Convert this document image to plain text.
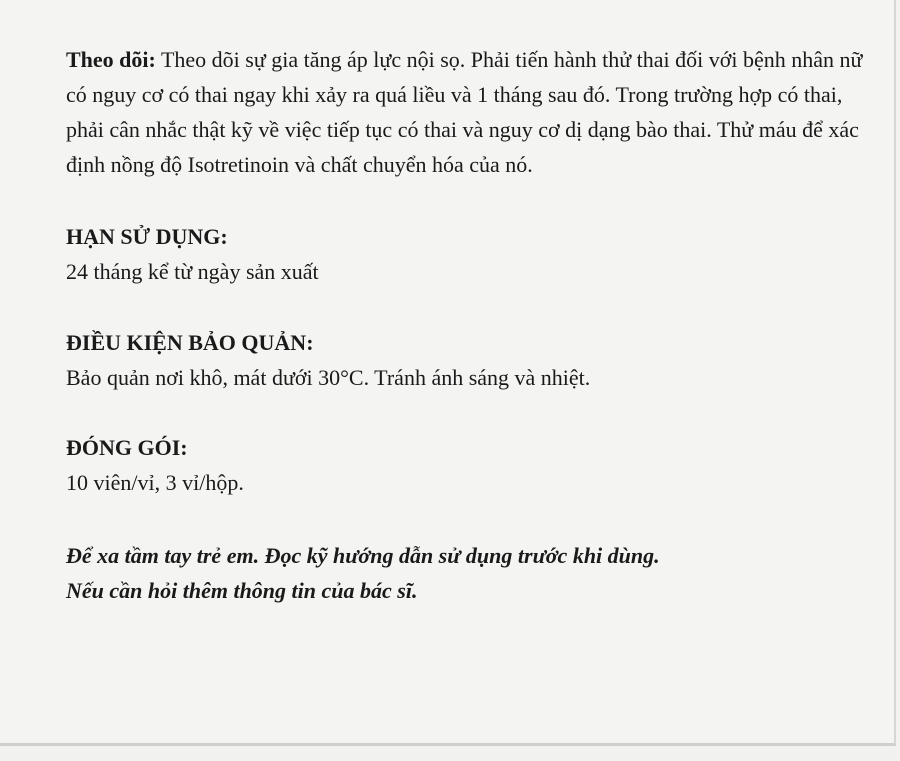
Theo dõi: Theo dõi sự gia tăng áp lực nội sọ. Phải tiến hành thử thai đối với bệnh nhân nữ có nguy cơ có thai ngay khi xảy ra quá liều và 1 tháng sau đó. Trong trường hợp có thai, phải cân nhắc thật kỹ về việc tiếp tục có thai và nguy cơ dị dạng bào thai. Thử máu để xác định nồng độ Isotretinoin và chất chuyển hóa của nó.

HẠN SỬ DỤNG:

24 tháng kể từ ngày sản xuất

ĐIỀU KIỆN BẢO QUẢN:

Bảo quản nơi khô, mát dưới 30°C. Tránh ánh sáng và nhiệt.

ĐÓNG GÓI:

10 viên/vỉ, 3 vỉ/hộp.

Để xa tầm tay trẻ em. Đọc kỹ hướng dẫn sử dụng trước khi dùng.

Nếu cần hỏi thêm thông tin của bác sĩ.
